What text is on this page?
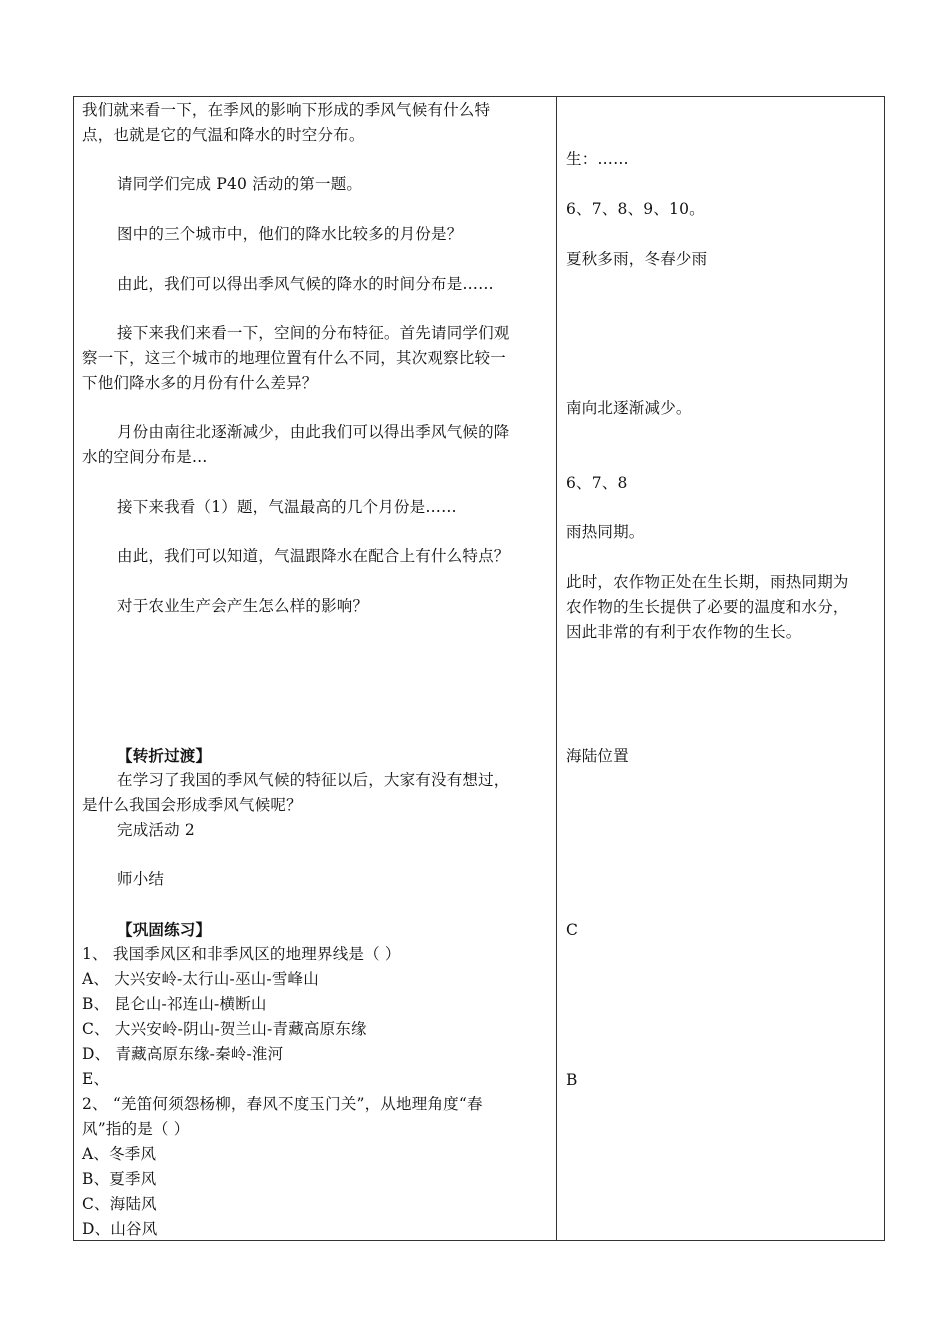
我们就来看一下，在季风的影响下形成的季风气候有什么特
点，也就是它的气温和降水的时空分布。
请同学们完成 P40 活动的第一题。
图中的三个城市中，他们的降水比较多的月份是？
由此，我们可以得出季风气候的降水的时间分布是……
接下来我们来看一下，空间的分布特征。首先请同学们观
察一下，这三个城市的地理位置有什么不同，其次观察比较一
下他们降水多的月份有什么差异？
月份由南往北逐渐减少，由此我们可以得出季风气候的降
水的空间分布是…
接下来我看（1）题，气温最高的几个月份是……
由此，我们可以知道，气温跟降水在配合上有什么特点？
对于农业生产会产生怎么样的影响？
【转折过渡】
在学习了我国的季风气候的特征以后，大家有没有想过，
是什么我国会形成季风气候呢？
完成活动 2
师小结
【巩固练习】
1、 我国季风区和非季风区的地理界线是（ ）
A、 大兴安岭-太行山-巫山-雪峰山
B、 昆仑山-祁连山-横断山
C、 大兴安岭-阴山-贺兰山-青藏高原东缘
D、 青藏高原东缘-秦岭-淮河
E、
2、 “羌笛何须怨杨柳，春风不度玉门关”，从地理角度“春
风”指的是（ ）
A、冬季风
B、夏季风
C、海陆风
D、山谷风
生：……
6、7、8、9、10。
夏秋多雨，冬春少雨
南向北逐渐减少。
6、7、8
雨热同期。
此时，农作物正处在生长期，雨热同期为
农作物的生长提供了必要的温度和水分，
因此非常的有利于农作物的生长。
海陆位置
C
B
